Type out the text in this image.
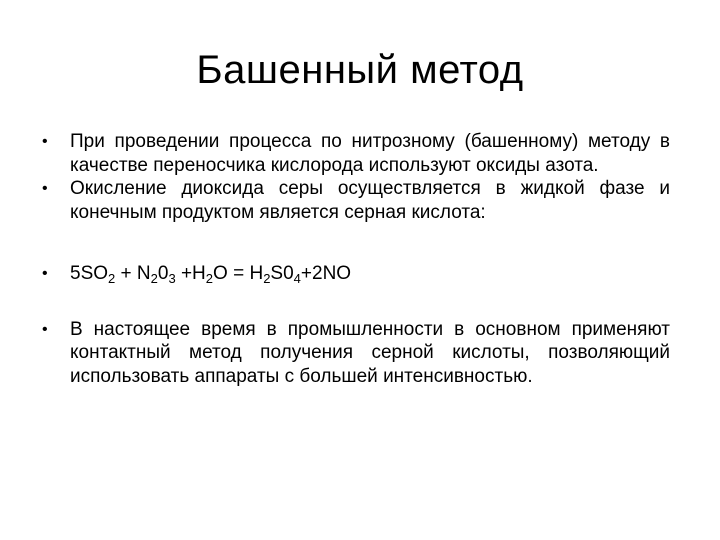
Башенный метод
• При проведении процесса по нитрозному (башенному) методу в качестве переносчика кислорода используют оксиды азота.
• Окисление диоксида серы осуществляется в жидкой фазе и конечным продуктом является серная кислота:
• $5SO_2 + N_20_3 +H_2O = H_2S0_4+2NO$
• В настоящее время в промышленности в основном применяют контактный метод получения серной кислоты, позволяющий использовать аппараты с большей интенсивностью.
